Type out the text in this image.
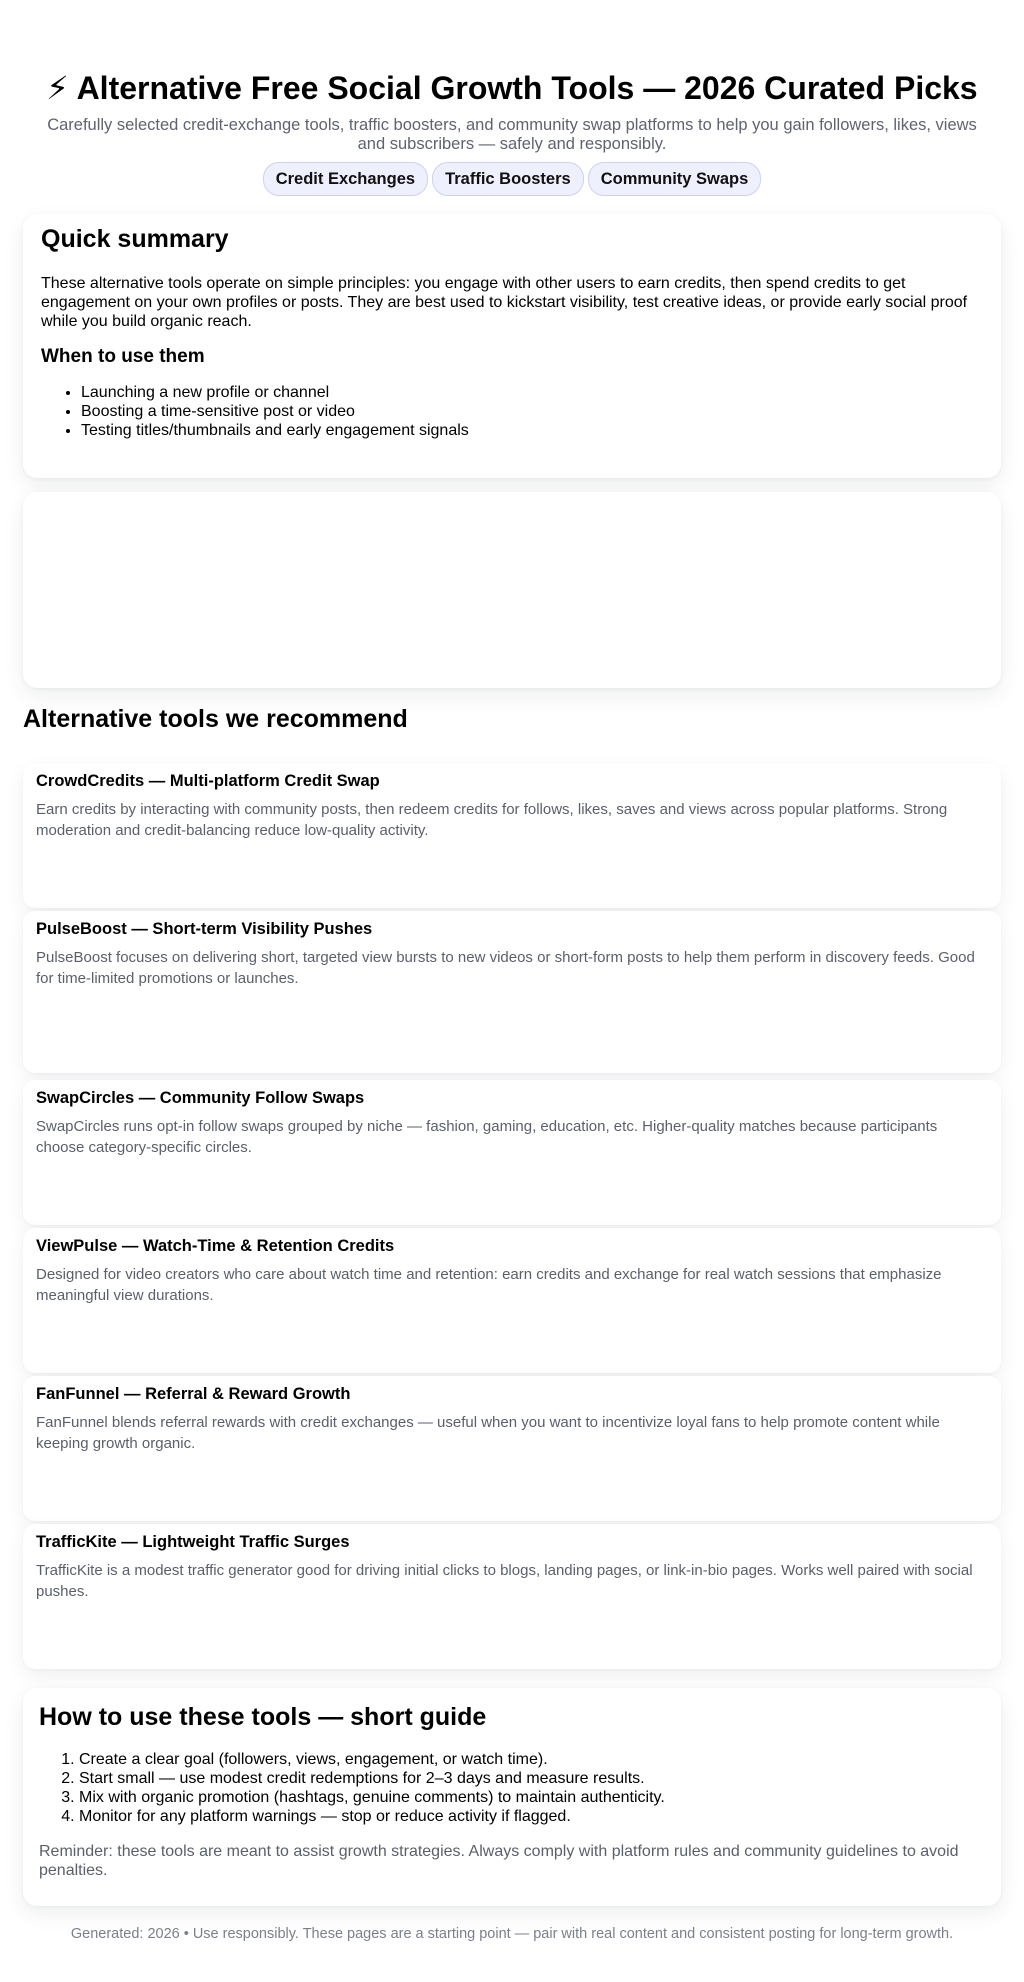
⚡ Alternative Free Social Growth Tools — 2026 Curated Picks

Carefully selected credit-exchange tools, traffic boosters, and community swap platforms to help you gain followers, likes, views and subscribers — safely and responsibly.

Credit Exchanges	Traffic Boosters	Community Swaps
Quick summary

These alternative tools operate on simple principles: you engage with other users to earn credits, then spend credits to get engagement on your own profiles or posts. They are best used to kickstart visibility, test creative ideas, or provide early social proof while you build organic reach.

When to use them
• Launching a new profile or channel
• Boosting a time-sensitive post or video
• Testing titles/thumbnails and early engagement signals
Alternative tools we recommend
CrowdCredits — Multi-platform Credit Swap

Earn credits by interacting with community posts, then redeem credits for follows, likes, saves and views across popular platforms. Strong moderation and credit-balancing reduce low-quality activity.

PulseBoost — Short-term Visibility Pushes

PulseBoost focuses on delivering short, targeted view bursts to new videos or short-form posts to help them perform in discovery feeds. Good for time-limited promotions or launches.

SwapCircles — Community Follow Swaps

SwapCircles runs opt-in follow swaps grouped by niche — fashion, gaming, education, etc. Higher-quality matches because participants choose category-specific circles.

ViewPulse — Watch-Time & Retention Credits

Designed for video creators who care about watch time and retention: earn credits and exchange for real watch sessions that emphasize meaningful view durations.

FanFunnel — Referral & Reward Growth

FanFunnel blends referral rewards with credit exchanges — useful when you want to incentivize loyal fans to help promote content while keeping growth organic.

TrafficKite — Lightweight Traffic Surges

TrafficKite is a modest traffic generator good for driving initial clicks to blogs, landing pages, or link-in-bio pages. Works well paired with social pushes.

How to use these tools — short guide
1. Create a clear goal (followers, views, engagement, or watch time).
2. Start small — use modest credit redemptions for 2–3 days and measure results.
3. Mix with organic promotion (hashtags, genuine comments) to maintain authenticity.
4. Monitor for any platform warnings — stop or reduce activity if flagged.

Reminder: these tools are meant to assist growth strategies. Always comply with platform rules and community guidelines to avoid penalties.

Generated: 2026 • Use responsibly. These pages are a starting point — pair with real content and consistent posting for long-term growth.
